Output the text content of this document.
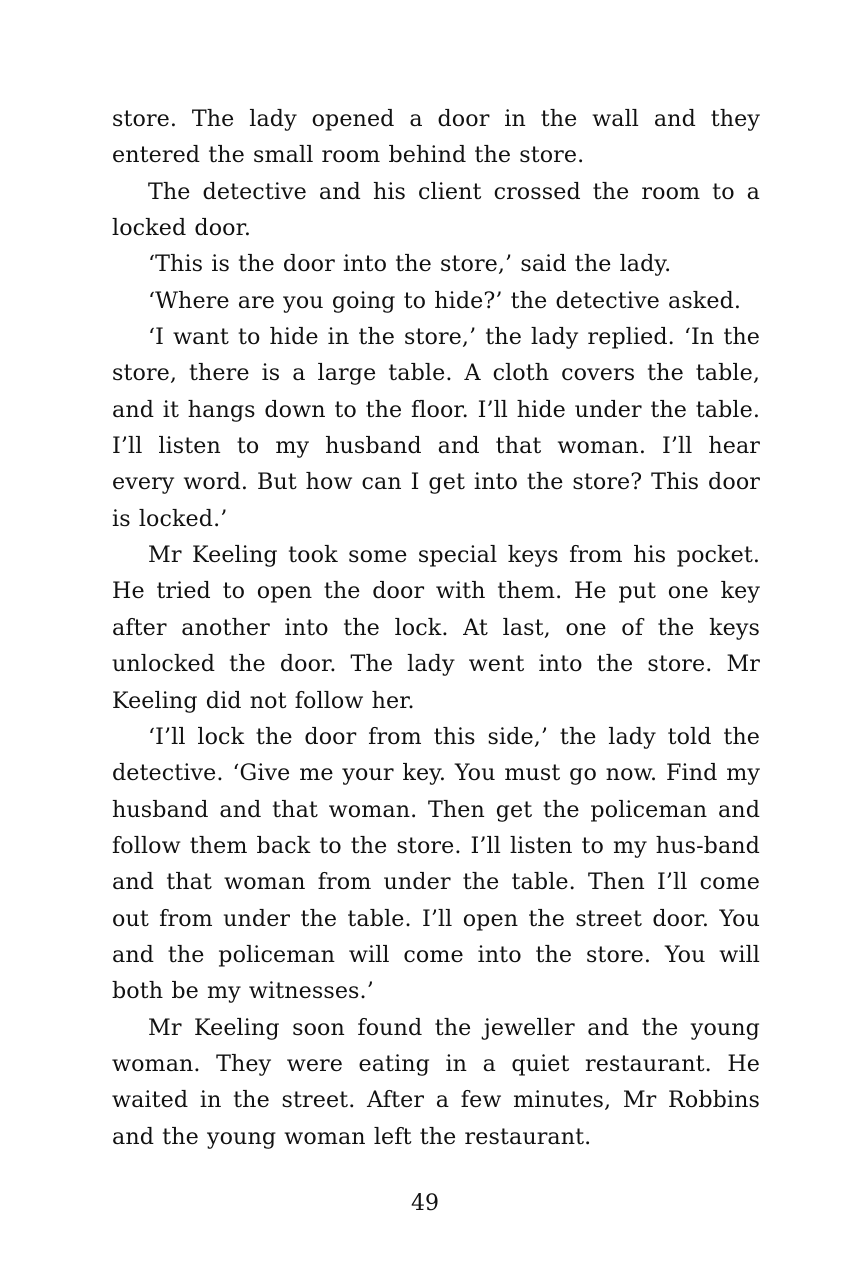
store. The lady opened a door in the wall and they entered the small room behind the store.

The detective and his client crossed the room to a locked door.

‘This is the door into the store,’ said the lady.

‘Where are you going to hide?’ the detective asked.

‘I want to hide in the store,’ the lady replied. ‘In the store, there is a large table. A cloth covers the table, and it hangs down to the floor. I’ll hide under the table. I’ll listen to my husband and that woman. I’ll hear every word. But how can I get into the store? This door is locked.’

Mr Keeling took some special keys from his pocket. He tried to open the door with them. He put one key after another into the lock. At last, one of the keys unlocked the door. The lady went into the store. Mr Keeling did not follow her.

‘I’ll lock the door from this side,’ the lady told the detective. ‘Give me your key. You must go now. Find my husband and that woman. Then get the policeman and follow them back to the store. I’ll listen to my hus-band and that woman from under the table. Then I’ll come out from under the table. I’ll open the street door. You and the policeman will come into the store. You will both be my witnesses.’

Mr Keeling soon found the jeweller and the young woman. They were eating in a quiet restaurant. He waited in the street. After a few minutes, Mr Robbins and the young woman left the restaurant.

49
